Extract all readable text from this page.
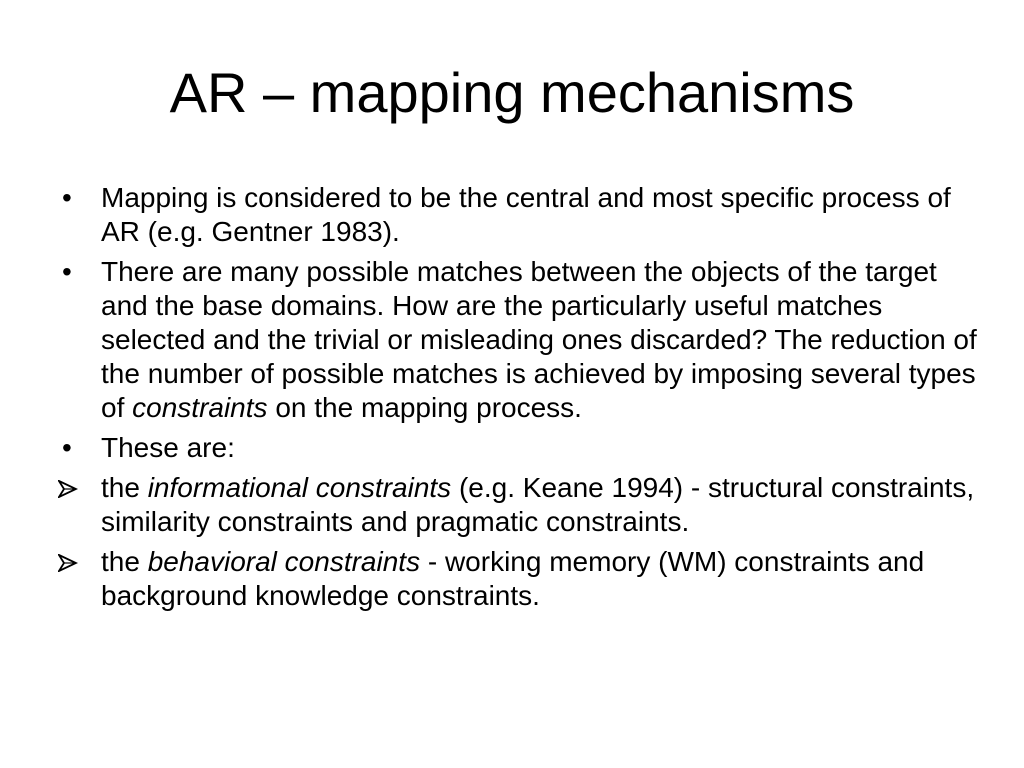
AR – mapping mechanisms
•	Mapping is considered to be the central and most specific process of AR (e.g. Gentner 1983).
•	There are many possible matches between the objects of the target and the base domains. How are the particularly useful matches selected and the trivial or misleading ones discarded? The reduction of the number of possible matches is achieved by imposing several types of constraints on the mapping process.
•	These are:
the informational constraints (e.g. Keane 1994) - structural constraints, similarity constraints and pragmatic constraints.
the behavioral constraints - working memory (WM) constraints and background knowledge constraints.
